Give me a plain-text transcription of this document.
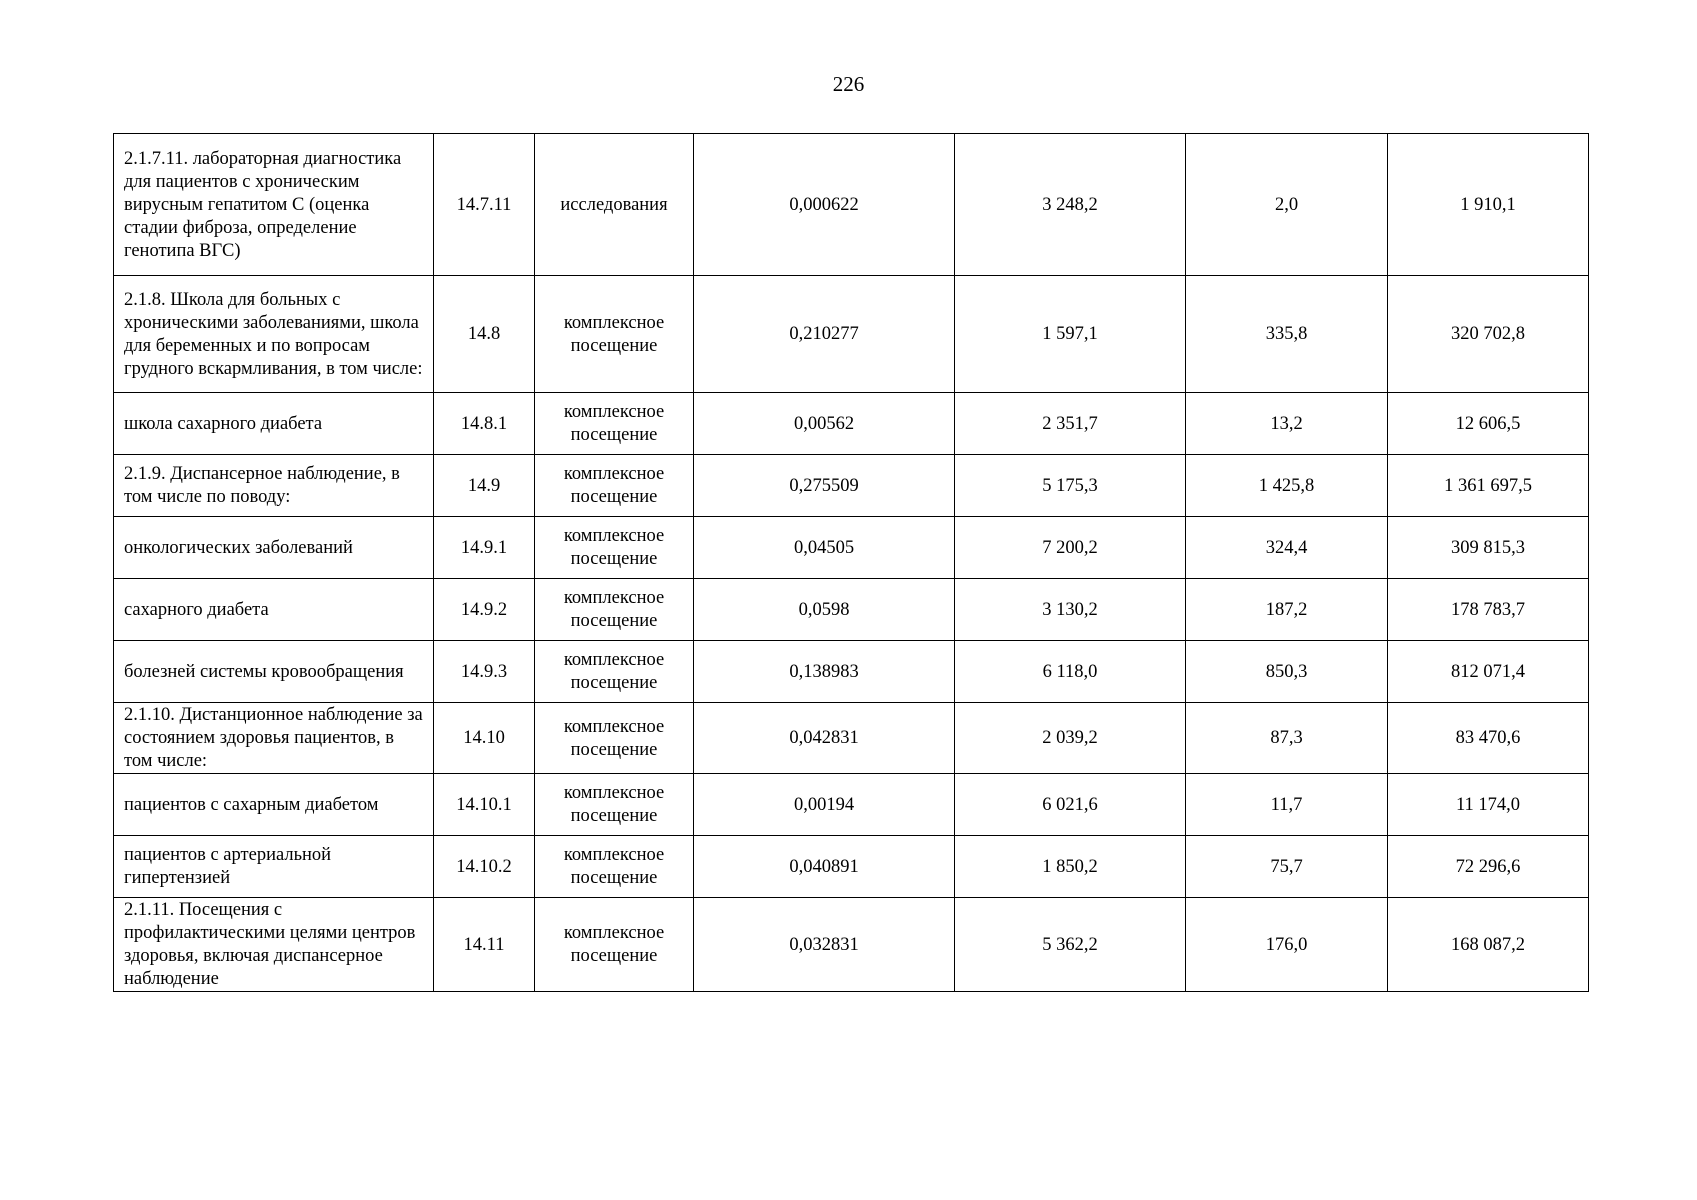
226
2.1.7.11. лабораторная диагностика для пациентов с хроническим вирусным гепатитом С (оценка стадии фиброза, определение генотипа ВГС)	14.7.11	исследования	0,000622	3 248,2	2,0	1 910,1
2.1.8. Школа для больных с хроническими заболеваниями, школа для беременных и по вопросам грудного вскармливания, в том числе:	14.8	комплексное посещение	0,210277	1 597,1	335,8	320 702,8
школа сахарного диабета	14.8.1	комплексное посещение	0,00562	2 351,7	13,2	12 606,5
2.1.9. Диспансерное наблюдение, в том числе по поводу:	14.9	комплексное посещение	0,275509	5 175,3	1 425,8	1 361 697,5
онкологических заболеваний	14.9.1	комплексное посещение	0,04505	7 200,2	324,4	309 815,3
сахарного диабета	14.9.2	комплексное посещение	0,0598	3 130,2	187,2	178 783,7
болезней системы кровообращения	14.9.3	комплексное посещение	0,138983	6 118,0	850,3	812 071,4
2.1.10. Дистанционное наблюдение за состоянием здоровья пациентов, в том числе:	14.10	комплексное посещение	0,042831	2 039,2	87,3	83 470,6
пациентов с сахарным диабетом	14.10.1	комплексное посещение	0,00194	6 021,6	11,7	11 174,0
пациентов с артериальной гипертензией	14.10.2	комплексное посещение	0,040891	1 850,2	75,7	72 296,6
2.1.11. Посещения с профилактическими целями центров здоровья, включая диспансерное наблюдение	14.11	комплексное посещение	0,032831	5 362,2	176,0	168 087,2
